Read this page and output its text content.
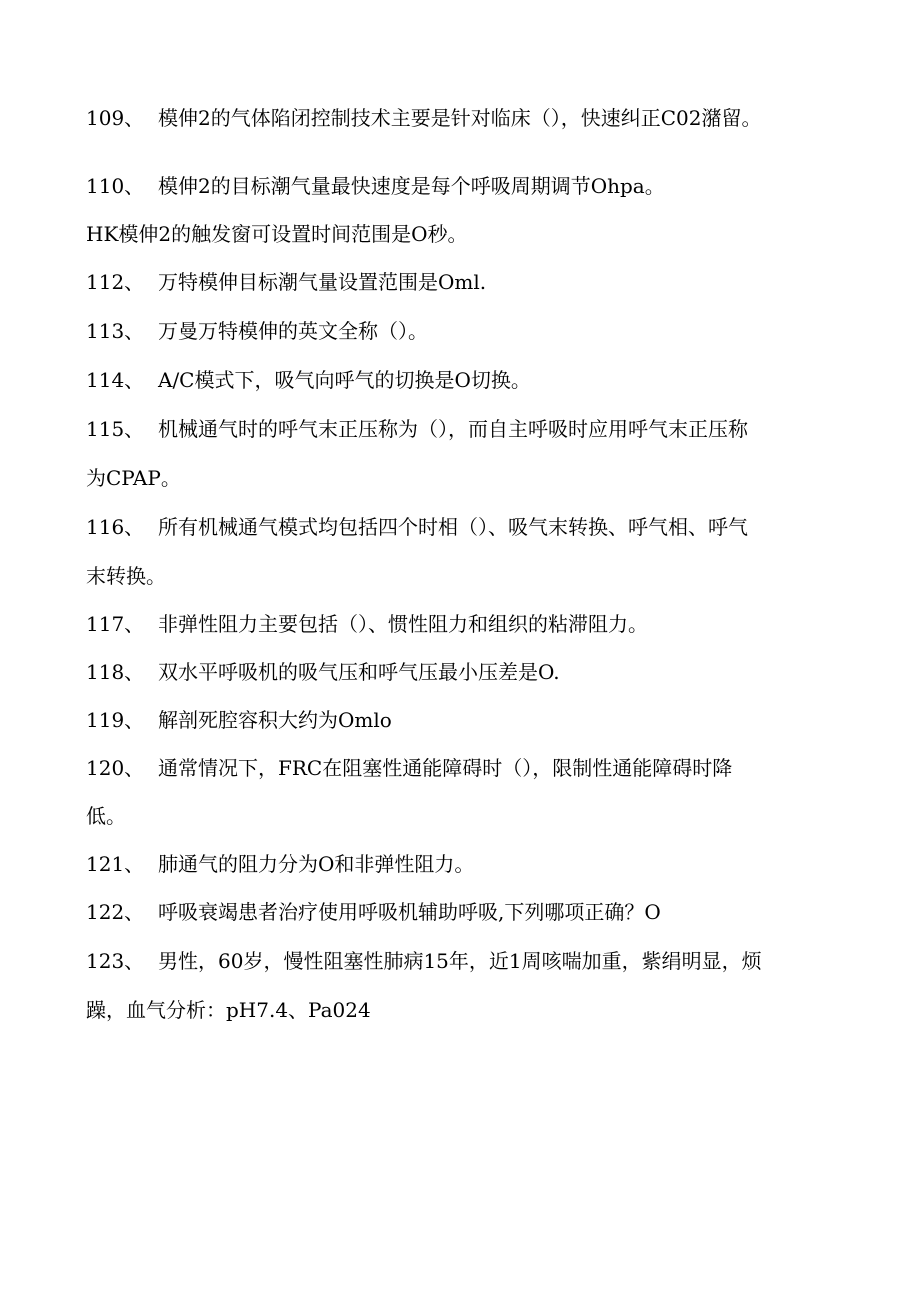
109、 模伸2的气体陷闭控制技术主要是针对临床（），快速纠正C02潴留。
110、 模伸2的目标潮气量最快速度是每个呼吸周期调节Ohpa。
HK模伸2的触发窗可设置时间范围是O秒。
112、 万特模伸目标潮气量设置范围是Oml.
113、 万曼万特模伸的英文全称（）。
114、 A/C模式下，吸气向呼气的切换是O切换。
115、 机械通气时的呼气末正压称为（），而自主呼吸时应用呼气末正压称
为CPAP。
116、 所有机械通气模式均包括四个时相（）、吸气末转换、呼气相、呼气
末转换。
117、 非弹性阻力主要包括（）、惯性阻力和组织的粘滞阻力。
118、 双水平呼吸机的吸气压和呼气压最小压差是O.
119、 解剖死腔容积大约为Omlo
120、 通常情况下，FRC在阻塞性通能障碍时（），限制性通能障碍时降
低。
121、 肺通气的阻力分为O和非弹性阻力。
122、 呼吸衰竭患者治疗使用呼吸机辅助呼吸,下列哪项正确？O
123、 男性，60岁，慢性阻塞性肺病15年，近1周咳喘加重，紫绢明显，烦
躁，血气分析：pH7.4、Pa024
